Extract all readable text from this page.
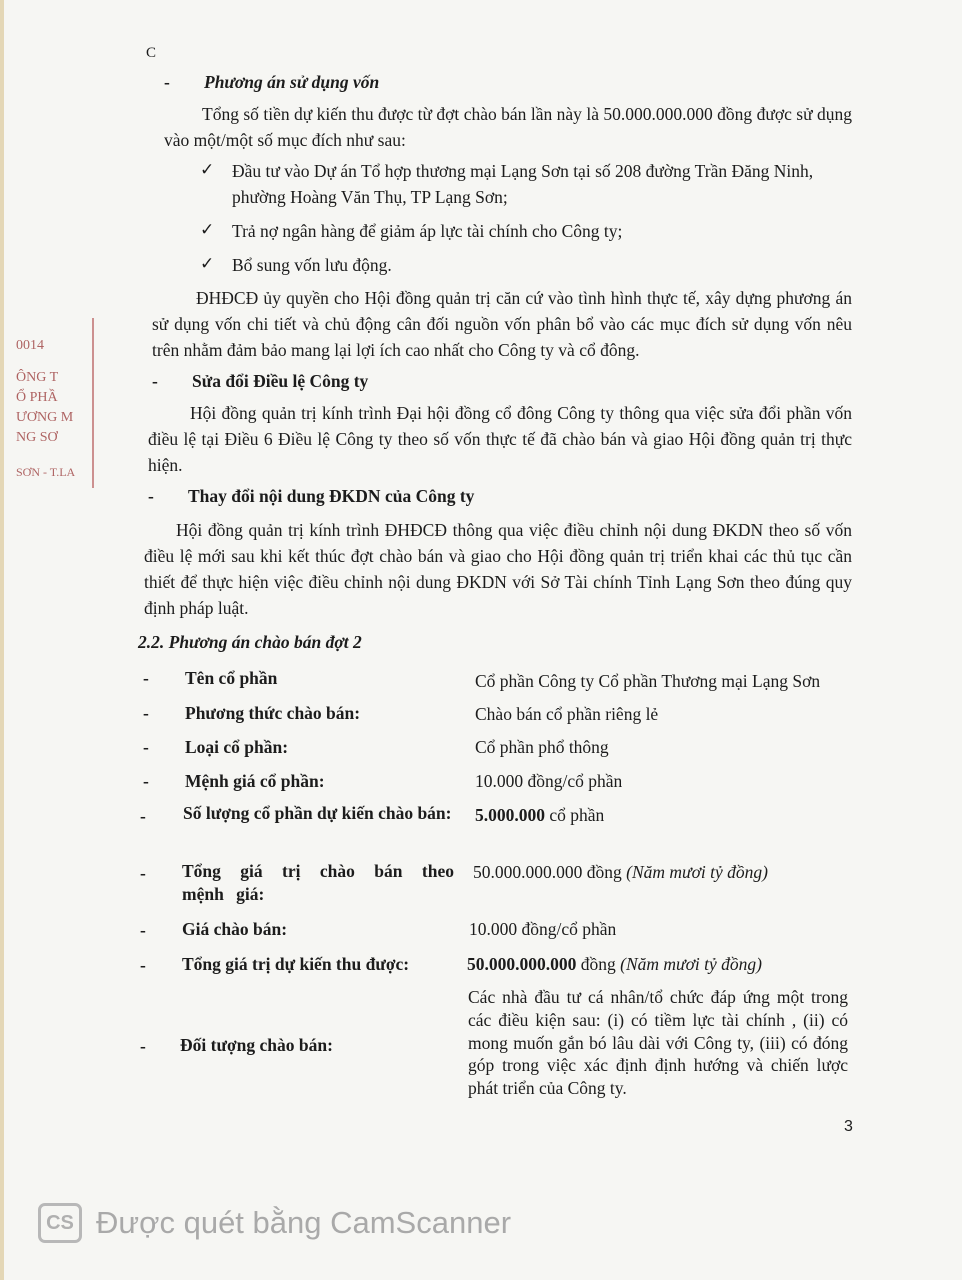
C
0014
ÔNG T
Ổ PHẦ
ƯƠNG M
NG SƠ
SƠN - T.LA
- Phương án sử dụng vốn
Tổng số tiền dự kiến thu được từ đợt chào bán lần này là 50.000.000.000 đồng được sử dụng vào một/một số mục đích như sau:
✓ Đầu tư vào Dự án Tổ hợp thương mại Lạng Sơn tại số 208 đường Trần Đăng Ninh, phường Hoàng Văn Thụ, TP Lạng Sơn;
✓ Trả nợ ngân hàng để giảm áp lực tài chính cho Công ty;
✓ Bổ sung vốn lưu động.
ĐHĐCĐ ủy quyền cho Hội đồng quản trị căn cứ vào tình hình thực tế, xây dựng phương án sử dụng vốn chi tiết và chủ động cân đối nguồn vốn phân bổ vào các mục đích sử dụng vốn nêu trên nhằm đảm bảo mang lại lợi ích cao nhất cho Công ty và cổ đông.
- Sửa đổi Điều lệ Công ty
Hội đồng quản trị kính trình Đại hội đồng cổ đông Công ty thông qua việc sửa đổi phần vốn điều lệ tại Điều 6 Điều lệ Công ty theo số vốn thực tế đã chào bán và giao Hội đồng quản trị thực hiện.
- Thay đổi nội dung ĐKDN của Công ty
Hội đồng quản trị kính trình ĐHĐCĐ thông qua việc điều chỉnh nội dung ĐKDN theo số vốn điều lệ mới sau khi kết thúc đợt chào bán và giao cho Hội đồng quản trị triển khai các thủ tục cần thiết để thực hiện việc điều chỉnh nội dung ĐKDN với Sở Tài chính Tỉnh Lạng Sơn theo đúng quy định pháp luật.
2.2. Phương án chào bán đợt 2
- Tên cổ phần	Cổ phần Công ty Cổ phần Thương mại Lạng Sơn
- Phương thức chào bán:	Chào bán cổ phần riêng lẻ
- Loại cổ phần:	Cổ phần phổ thông
- Mệnh giá cổ phần:	10.000 đồng/cổ phần
- Số lượng cổ phần dự kiến chào bán: 5.000.000 cổ phần
- Tổng giá trị chào bán theo mệnh giá:
50.000.000.000 đồng (Năm mươi tỷ đồng)
- Giá chào bán:	10.000 đồng/cổ phần
- Tổng giá trị dự kiến thu được:	50.000.000.000 đồng (Năm mươi tỷ đồng)
- Đối tượng chào bán:
Các nhà đầu tư cá nhân/tổ chức đáp ứng một trong các điều kiện sau: (i) có tiềm lực tài chính , (ii) có mong muốn gắn bó lâu dài với Công ty, (iii) có đóng góp trong việc xác định định hướng và chiến lược phát triển của Công ty.
3
CS Được quét bằng CamScanner
